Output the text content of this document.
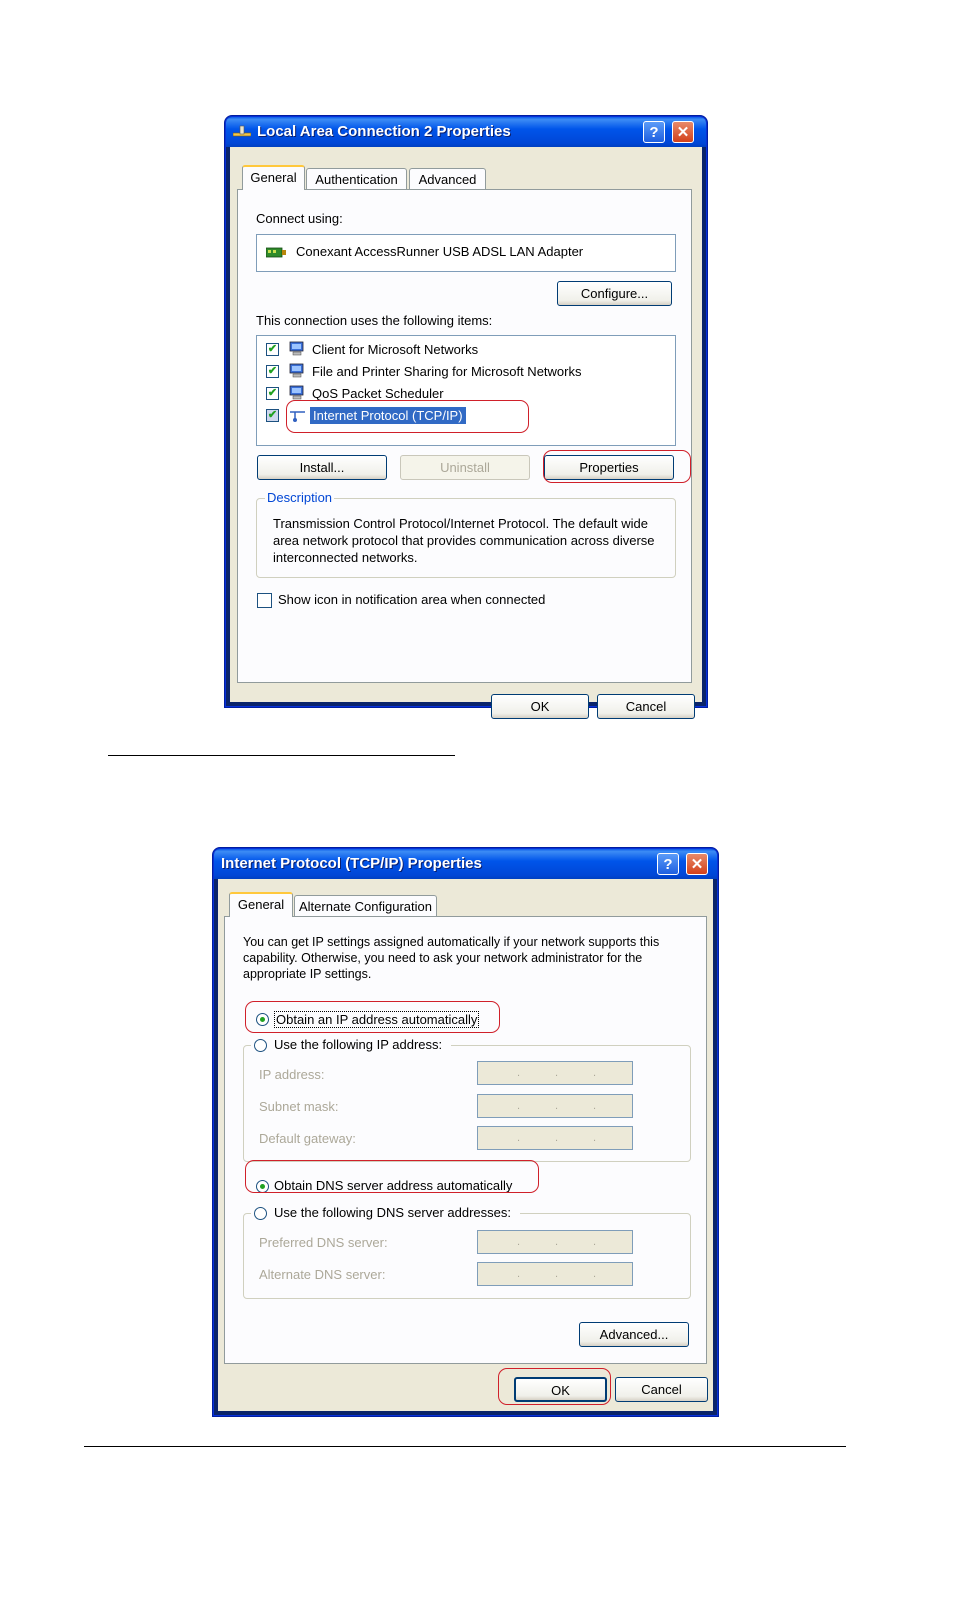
Local Area Connection 2 Properties	?	✕
General	Authentication	Advanced
Connect using:
Conexant AccessRunner USB ADSL LAN Adapter
Configure...
This connection uses the following items:
✔	Client for Microsoft Networks
✔	File and Printer Sharing for Microsoft Networks
✔	QoS Packet Scheduler
✔	Internet Protocol (TCP/IP)
Install...	Uninstall	Properties
Description
Transmission Control Protocol/Internet Protocol. The default wide area network protocol that provides communication across diverse interconnected networks.
Show icon in notification area when connected
OK	Cancel
Internet Protocol (TCP/IP) Properties	?	✕
General	Alternate Configuration
You can get IP settings assigned automatically if your network supports this capability. Otherwise, you need to ask your network administrator for the appropriate IP settings.
Obtain an IP address automatically
Use the following IP address:
IP address:	.	.	.
Subnet mask:	.	.	.
Default gateway:	.	.	.
Obtain DNS server address automatically
Use the following DNS server addresses:
Preferred DNS server:	.	.	.
Alternate DNS server:	.	.	.
Advanced...
OK	Cancel
